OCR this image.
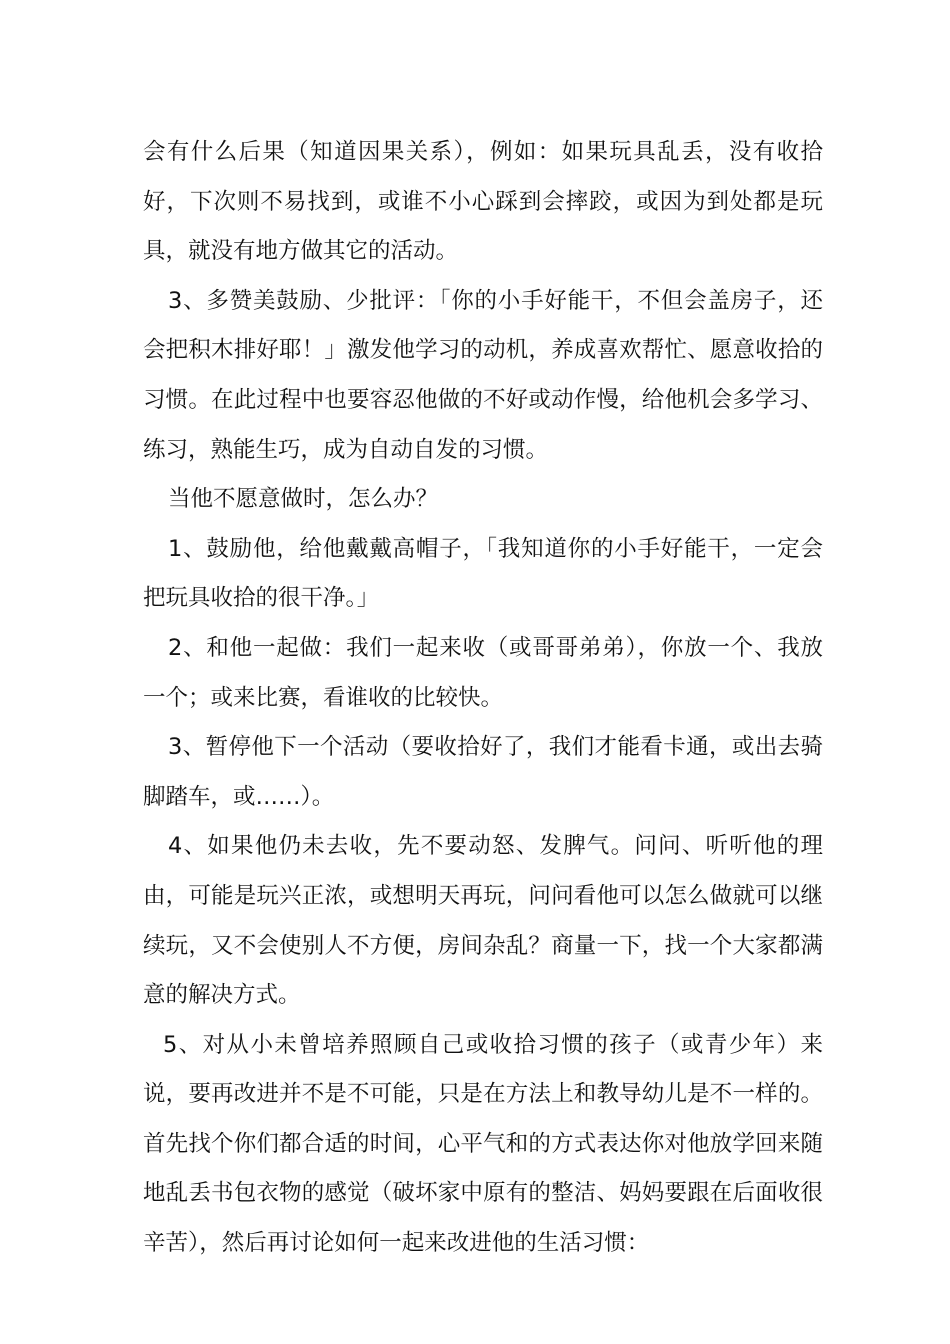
会有什么后果（知道因果关系），例如：如果玩具乱丢，没有收拾好，下次则不易找到，或谁不小心踩到会摔跤，或因为到处都是玩具，就没有地方做其它的活动。

3、多赞美鼓励、少批评：「你的小手好能干，不但会盖房子，还会把积木排好耶！」激发他学习的动机，养成喜欢帮忙、愿意收拾的习惯。在此过程中也要容忍他做的不好或动作慢，给他机会多学习、练习，熟能生巧，成为自动自发的习惯。

当他不愿意做时，怎么办？

1、鼓励他，给他戴戴高帽子，「我知道你的小手好能干，一定会把玩具收拾的很干净。」

2、和他一起做：我们一起来收（或哥哥弟弟），你放一个、我放一个；或来比赛，看谁收的比较快。

3、暂停他下一个活动（要收拾好了，我们才能看卡通，或出去骑脚踏车，或……）。

4、如果他仍未去收，先不要动怒、发脾气。问问、听听他的理由，可能是玩兴正浓，或想明天再玩，问问看他可以怎么做就可以继续玩，又不会使别人不方便，房间杂乱？商量一下，找一个大家都满意的解决方式。

5、对从小未曾培养照顾自己或收拾习惯的孩子（或青少年）来说，要再改进并不是不可能，只是在方法上和教导幼儿是不一样的。首先找个你们都合适的时间，心平气和的方式表达你对他放学回来随地乱丢书包衣物的感觉（破坏家中原有的整洁、妈妈要跟在后面收很辛苦），然后再讨论如何一起来改进他的生活习惯：
